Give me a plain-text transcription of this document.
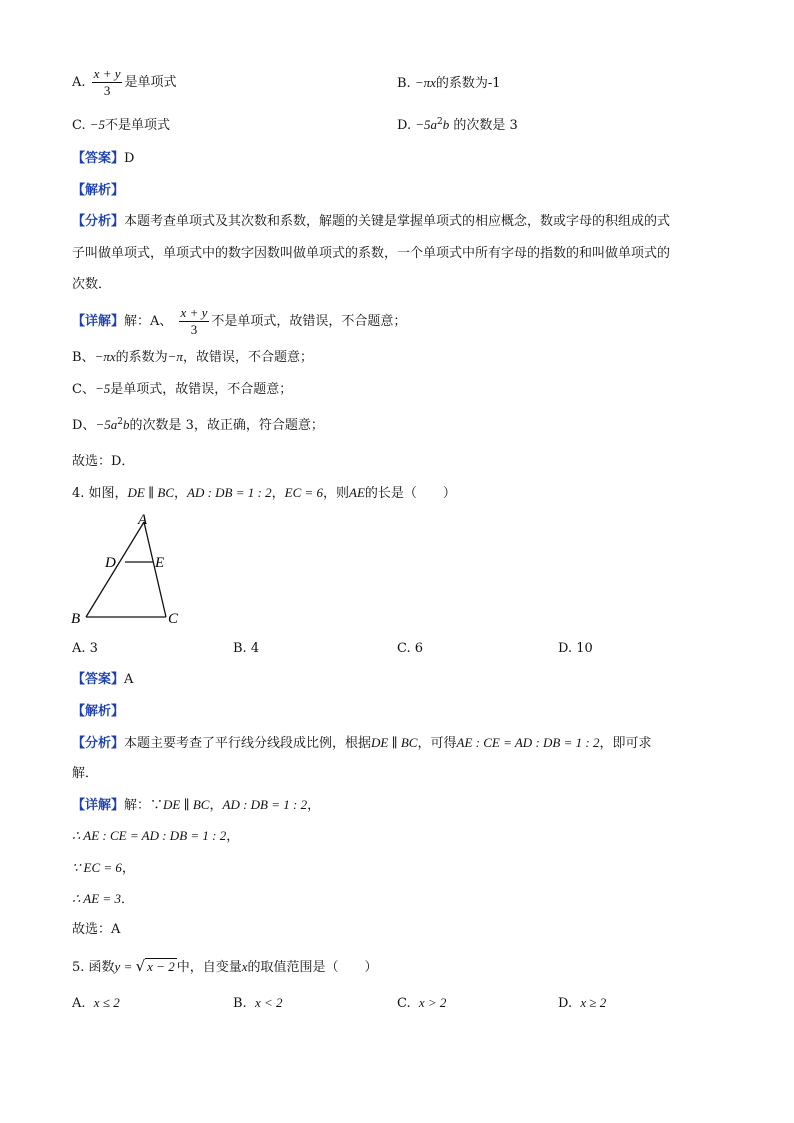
A. $\frac{x + y}{3}$ 是单项式	B. −πx的系数为-1
C. −5不是单项式	D. $-5a^2b$ 的次数是 3
【答案】D
【解析】
【分析】本题考查单项式及其次数和系数，解题的关键是掌握单项式的相应概念，数或字母的积组成的式
子叫做单项式，单项式中的数字因数叫做单项式的系数，一个单项式中所有字母的指数的和叫做单项式的
次数．
【详解】解：A、 $\frac{x + y}{3}$ 不是单项式，故错误，不合题意；
B、−πx的系数为−π，故错误，不合题意；
C、−5是单项式，故错误，不合题意；
D、$-5a^2b$的次数是 3，故正确，符合题意；
故选：D．
4. 如图，DE ∥ BC，AD : DB = 1 : 2，EC = 6，则AE的长是（　　）
A
D	E
B	C
A. 3	B. 4	C. 6	D. 10
【答案】A
【解析】
【分析】本题主要考查了平行线分线段成比例，根据DE ∥ BC，可得AE : CE = AD : DB = 1 : 2，即可求
解．
【详解】解：∵DE ∥ BC，AD : DB = 1 : 2，
∴ AE : CE = AD : DB = 1 : 2，
∵ EC = 6，
∴ AE = 3．
故选：A
5. 函数y = √ x − 2 中，自变量x的取值范围是（　　）
A. x ≤ 2	B. x < 2	C. x > 2	D. x ≥ 2
